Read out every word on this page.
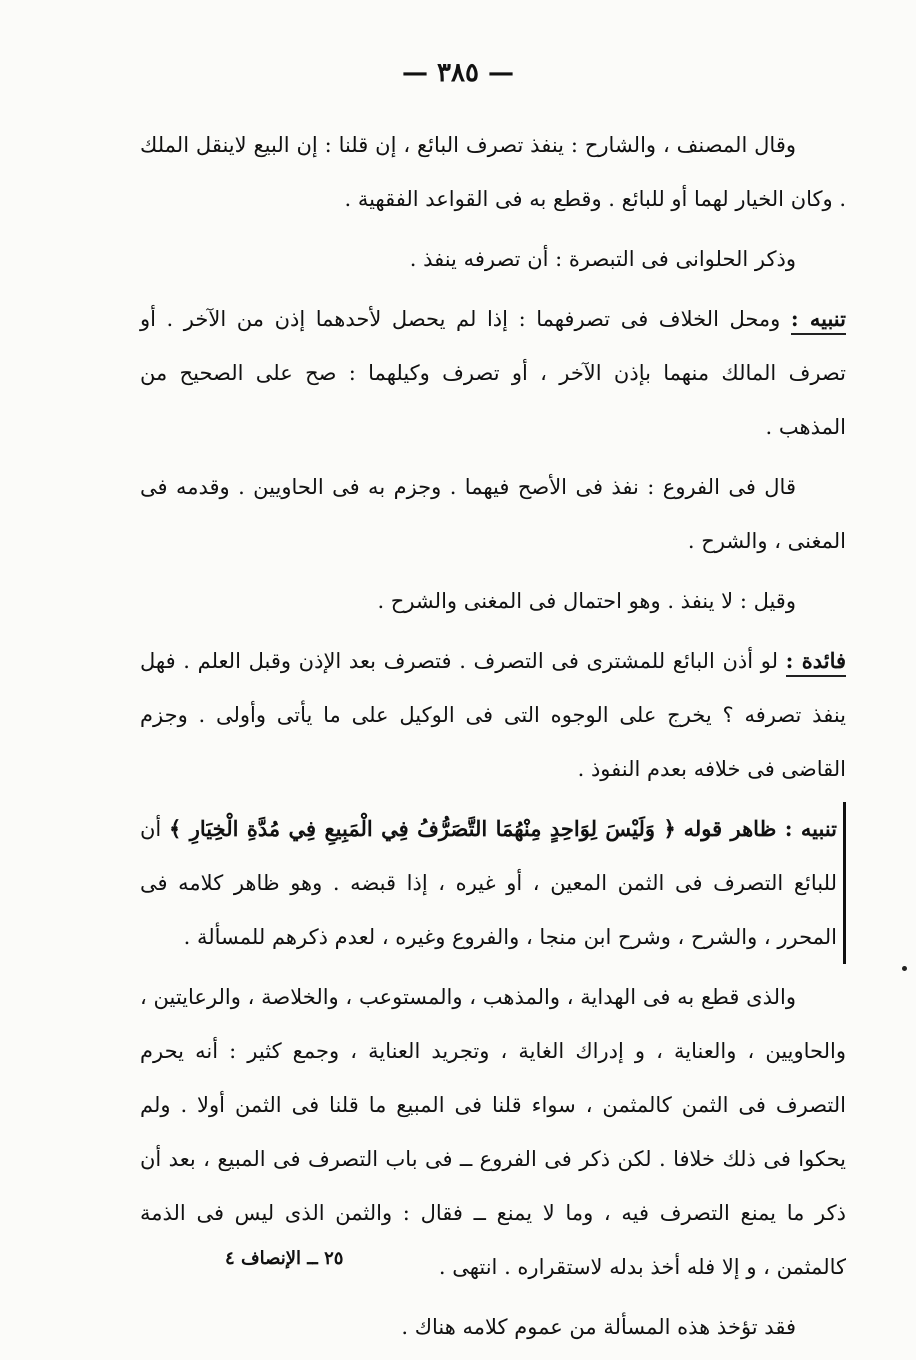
— ٣٨٥ —

وقال المصنف ، والشارح : ينفذ تصرف البائع ، إن قلنا : إن البيع لاينقل الملك . وكان الخيار لهما أو للبائع . وقطع به فى القواعد الفقهية .

وذكر الحلوانى فى التبصرة : أن تصرفه ينفذ .

تنبيه : ومحل الخلاف فى تصرفهما : إذا لم يحصل لأحدهما إذن من الآخر . أو تصرف المالك منهما بإذن الآخر ، أو تصرف وكيلهما : صح على الصحيح من المذهب .

قال فى الفروع : نفذ فى الأصح فيهما . وجزم به فى الحاويين . وقدمه فى المغنى ، والشرح .

وقيل : لا ينفذ . وهو احتمال فى المغنى والشرح .

فائدة : لو أذن البائع للمشترى فى التصرف . فتصرف بعد الإذن وقبل العلم . فهل ينفذ تصرفه ؟ يخرج على الوجوه التى فى الوكيل على ما يأتى وأولى . وجزم القاضى فى خلافه بعدم النفوذ .

تنبيه : ظاهر قوله ﴿ وَلَيْسَ لِوَاحِدٍ مِنْهُمَا التَّصَرُّفُ فِي الْمَبِيعِ فِي مُدَّةِ الْخِيَارِ ﴾ أن للبائع التصرف فى الثمن المعين ، أو غيره ، إذا قبضه . وهو ظاهر كلامه فى المحرر ، والشرح ، وشرح ابن منجا ، والفروع وغيره ، لعدم ذكرهم للمسألة .

والذى قطع به فى الهداية ، والمذهب ، والمستوعب ، والخلاصة ، والرعايتين ، والحاويين ، والعناية ، و إدراك الغاية ، وتجريد العناية ، وجمع كثير : أنه يحرم التصرف فى الثمن كالمثمن ، سواء قلنا فى المبيع ما قلنا فى الثمن أولا . ولم يحكوا فى ذلك خلافا . لكن ذكر فى الفروع ــ فى باب التصرف فى المبيع ، بعد أن ذكر ما يمنع التصرف فيه ، وما لا يمنع ــ فقال : والثمن الذى ليس فى الذمة كالمثمن ، و إلا فله أخذ بدله لاستقراره . انتهى .

فقد تؤخذ هذه المسألة من عموم كلامه هناك .

٢٥ ــ الإنصاف ٤
